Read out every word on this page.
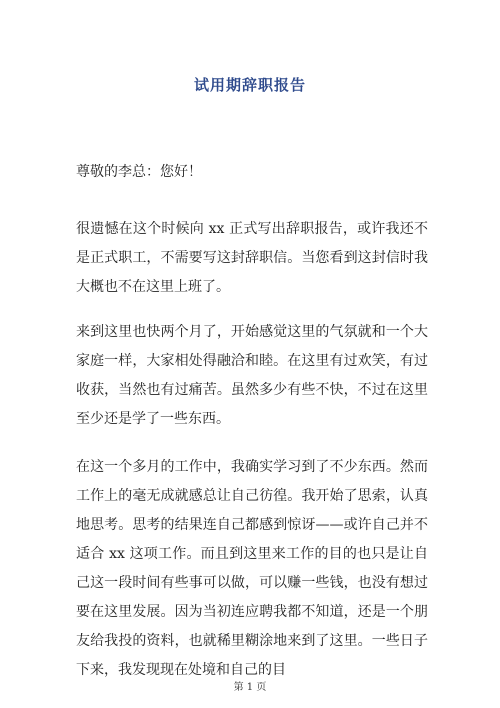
试用期辞职报告

尊敬的李总：您好！

很遗憾在这个时候向 xx 正式写出辞职报告，或许我还不是正式职工，不需要写这封辞职信。当您看到这封信时我大概也不在这里上班了。

来到这里也快两个月了，开始感觉这里的气氛就和一个大家庭一样，大家相处得融洽和睦。在这里有过欢笑，有过收获，当然也有过痛苦。虽然多少有些不快，不过在这里至少还是学了一些东西。

在这一个多月的工作中，我确实学习到了不少东西。然而工作上的毫无成就感总让自己彷徨。我开始了思索，认真地思考。思考的结果连自己都感到惊讶——或许自己并不适合 xx 这项工作。而且到这里来工作的目的也只是让自己这一段时间有些事可以做，可以赚一些钱，也没有想过要在这里发展。因为当初连应聘我都不知道，还是一个朋友给我投的资料，也就稀里糊涂地来到了这里。一些日子下来，我发现现在处境和自己的目

第 1 页
